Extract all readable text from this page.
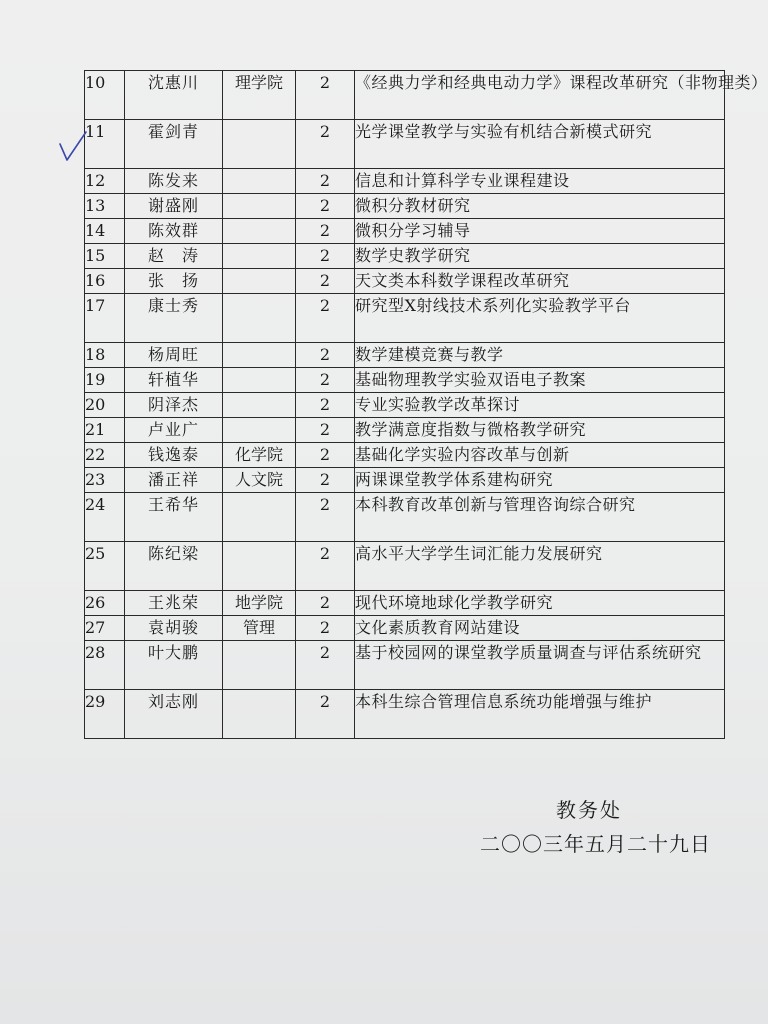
10	沈惠川	理学院	2	《经典力学和经典电动力学》课程改革研究（非物理类）
11	霍剑青		2	光学课堂教学与实验有机结合新模式研究
12	陈发来		2	信息和计算科学专业课程建设
13	谢盛刚		2	微积分教材研究
14	陈效群		2	微积分学习辅导
15	赵　涛		2	数学史教学研究
16	张　扬		2	天文类本科数学课程改革研究
17	康士秀		2	研究型X射线技术系列化实验教学平台
18	杨周旺		2	数学建模竞赛与教学
19	轩植华		2	基础物理教学实验双语电子教案
20	阴泽杰		2	专业实验教学改革探讨
21	卢业广		2	教学满意度指数与微格教学研究
22	钱逸泰	化学院	2	基础化学实验内容改革与创新
23	潘正祥	人文院	2	两课课堂教学体系建构研究
24	王希华		2	本科教育改革创新与管理咨询综合研究
25	陈纪梁		2	高水平大学学生词汇能力发展研究
26	王兆荣	地学院	2	现代环境地球化学教学研究
27	袁胡骏	管理	2	文化素质教育网站建设
28	叶大鹏		2	基于校园网的课堂教学质量调查与评估系统研究
29	刘志刚		2	本科生综合管理信息系统功能增强与维护
教务处
二〇〇三年五月二十九日
